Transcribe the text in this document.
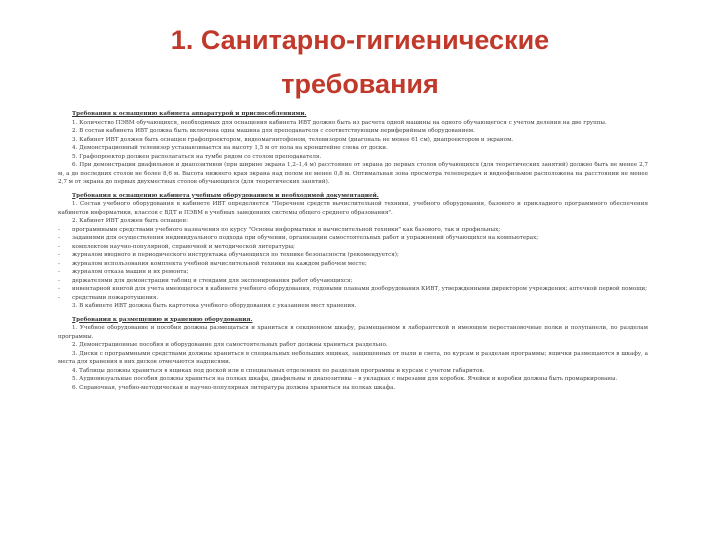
1. Санитарно-гигиенические
требования
Требования к оснащению кабинета аппаратурой и приспособлениями.
1. Количество ПЭВМ обучающихся, необходимых для оснащения кабинета ИВТ должно быть из расчета одной машины на одного обучающегося с учетом деления на две группы.
2. В состав кабинета ИВТ должна быть включена одна машина для преподавателя с соответствующим периферийным оборудованием.
3. Кабинет ИВТ должен быть оснащен графопроектором, видеомагнитофоном, телевизором (диагональ не менее 61 см), диапроектором и экраном.
4. Демонстрационный телевизор устанавливается на высоту 1,5 м от пола на кронштейне слева от доски.
5. Графопроектор должен располагаться на тумбе рядом со столом преподавателя.
6. При демонстрации диафильмов и диапозитивов (при ширине экрана 1,2–1,4 м) расстояние от экрана до первых столов обучающихся (для теоретических занятий) должно быть не менее 2,7 м, а до последних столов не более 8,6 м. Высота нижнего края экрана над полом не менее 0,8 м. Оптимальная зона просмотра телепередач и видеофильмов расположена на расстоянии не менее 2,7 м от экрана до первых двухместных столов обучающихся (для теоретических занятий).
Требования к оснащению кабинета учебным оборудованием и необходимой документацией.
1. Состав учебного оборудования в кабинете ИВТ определяется "Перечнем средств вычислительной техники, учебного оборудования, базового и прикладного программного обеспечения кабинетов информатики, классов с ВДТ и ПЭВМ в учебных заведениях системы общего среднего образования".
2. Кабинет ИВТ должен быть оснащен:
-	программными средствами учебного назначения по курсу "Основы информатики и вычислительной техники" как базового, так и профильных;
-	заданиями для осуществления индивидуального подхода при обучении, организации самостоятельных работ и упражнений обучающихся на компьютерах;
-	комплектом научно-популярной, справочной и методической литературы;
-	журналом вводного и периодического инструктажа обучающихся по технике безопасности (рекомендуется);
-	журналом использования комплекта учебной вычислительной техники на каждом рабочем месте;
-	журналом отказа машин и их ремонта;
-	держателями для демонстрации таблиц и стендами для экспонирования работ обучающихся;
-	инвентарной книгой для учета имеющегося в кабинете учебного оборудования, годовыми планами дооборудования КИВТ, утвержденными директором учреждения; аптечкой первой помощи;
-	средствами пожаротушения.
3. В кабинете ИВТ должна быть картотека учебного оборудования с указанием мест хранения.
Требования к размещению и хранению оборудования.
1. Учебное оборудование и пособия должны размещаться и храниться в секционном шкафу, размещаемом в лаборантской и имеющем перестановочные полки и полупанели, по разделам программы.
2. Демонстрационные пособия и оборудование для самостоятельных работ должны храниться раздельно.
3. Диски с программными средствами должны храниться в специальных небольших ящиках, защищенных от пыли и света, по курсам и разделам программы; ящички размещаются в шкафу, а места для хранения в них дисков отмечаются надписями.
4. Таблицы должны храниться в ящиках под доской или в специальных отделениях по разделам программы и курсам с учетом габаритов.
5. Аудиовизуальные пособия должны храниться на полках шкафа, диафильмы и диапозитивы – в укладках с вырезами для коробок. Ячейки и коробки должны быть промаркированы.
6. Справочная, учебно-методическая и научно-популярная литература должна храниться на полках шкафа.
